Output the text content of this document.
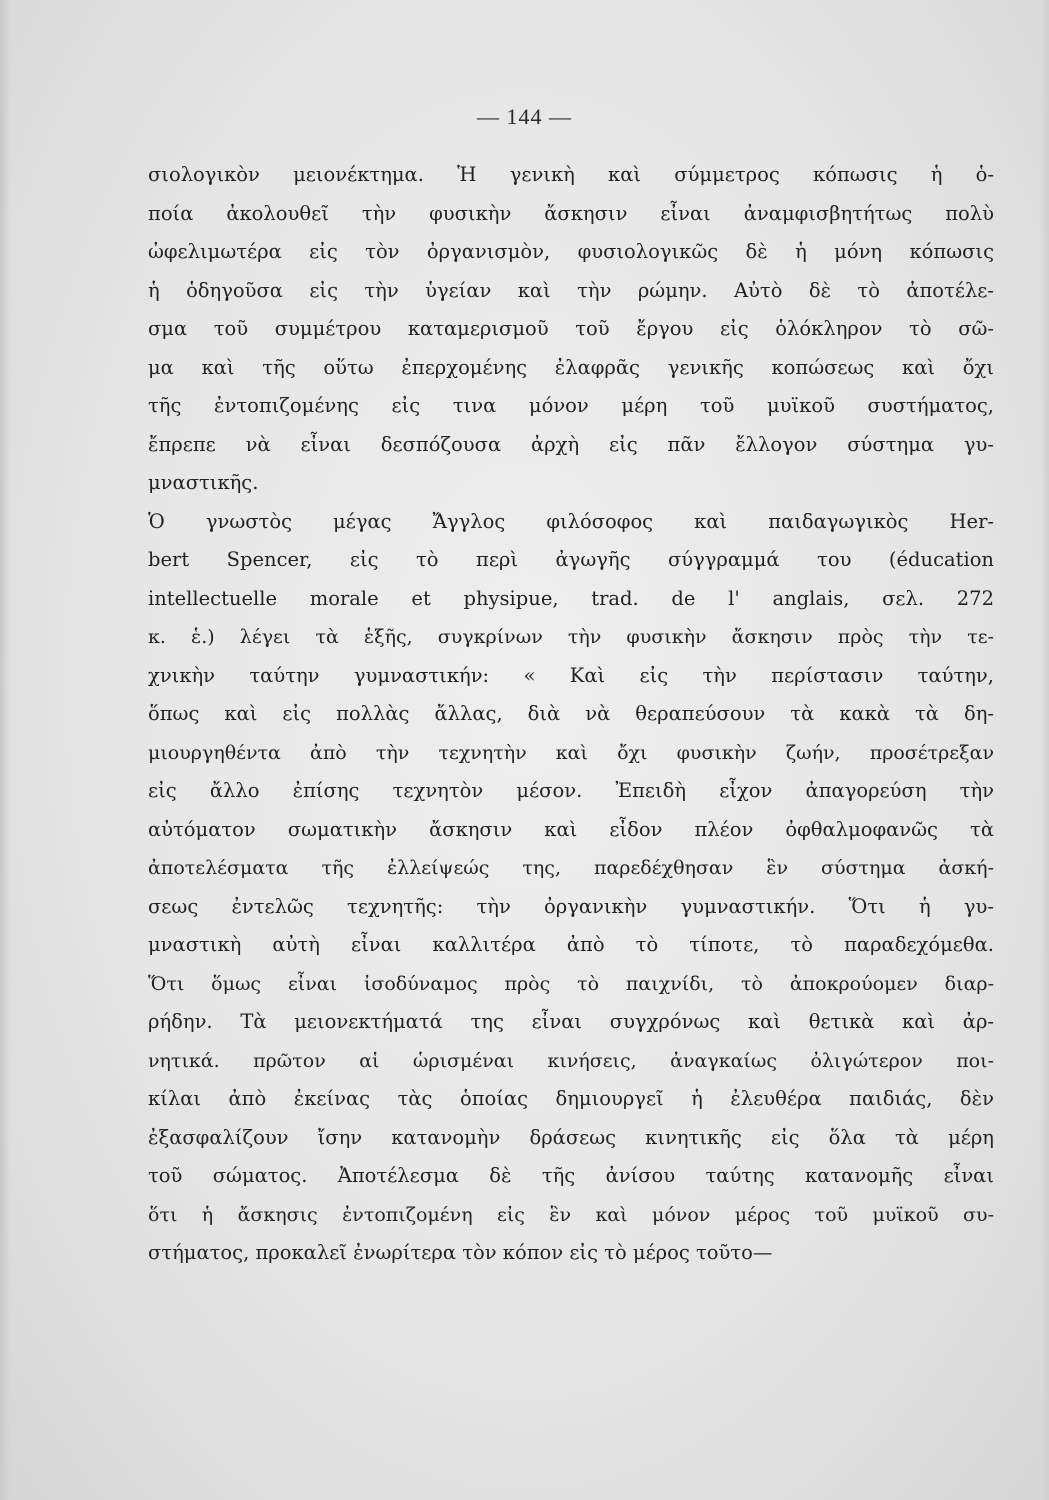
— 144 —
σιολογικὸν μειονέκτημα. Ἡ γενικὴ καὶ σύμμετρος κόπωσις ἡ ὁ-
ποία ἀκολουθεῖ τὴν φυσικὴν ἄσκησιν εἶναι ἀναμφισβητήτως πολὺ
ὠφελιμωτέρα εἰς τὸν ὀργανισμὸν, φυσιολογικῶς δὲ ἡ μόνη κόπωσις
ἡ ὁδηγοῦσα εἰς τὴν ὑγείαν καὶ τὴν ρώμην. Αὐτὸ δὲ τὸ ἀποτέλε-
σμα τοῦ συμμέτρου καταμερισμοῦ τοῦ ἔργου εἰς ὁλόκληρον τὸ σῶ-
μα καὶ τῆς οὕτω ἐπερχομένης ἐλαφρᾶς γενικῆς κοπώσεως καὶ ὄχι
τῆς ἐντοπιζομένης εἰς τινα μόνον μέρη τοῦ μυϊκοῦ συστήματος,
ἔπρεπε νὰ εἶναι δεσπόζουσα ἀρχὴ εἰς πᾶν ἔλλογον σύστημα γυ-
μναστικῆς.
Ὁ γνωστὸς μέγας Ἄγγλος φιλόσοφος καὶ παιδαγωγικὸς Her-
bert Spencer, εἰς τὸ περὶ ἀγωγῆς σύγγραμμά του (éducation
intellectuelle morale et physipue, trad. de l' anglais, σελ. 272
κ. ἑ.) λέγει τὰ ἑξῆς, συγκρίνων τὴν φυσικὴν ἄσκησιν πρὸς τὴν τε-
χνικὴν ταύτην γυμναστικήν: « Καὶ εἰς τὴν περίστασιν ταύτην,
ὅπως καὶ εἰς πολλὰς ἄλλας, διὰ νὰ θεραπεύσουν τὰ κακὰ τὰ δη-
μιουργηθέντα ἀπὸ τὴν τεχνητὴν καὶ ὄχι φυσικὴν ζωήν, προσέτρεξαν
εἰς ἄλλο ἐπίσης τεχνητὸν μέσον. Ἐπειδὴ εἶχον ἀπαγορεύση τὴν
αὐτόματον σωματικὴν ἄσκησιν καὶ εἶδον πλέον ὀφθαλμοφανῶς τὰ
ἀποτελέσματα τῆς ἐλλείψεώς της, παρεδέχθησαν ἓν σύστημα ἀσκή-
σεως ἐντελῶς τεχνητῆς: τὴν ὀργανικὴν γυμναστικήν. Ὅτι ἡ γυ-
μναστικὴ αὐτὴ εἶναι καλλιτέρα ἀπὸ τὸ τίποτε, τὸ παραδεχόμεθα.
Ὅτι ὅμως εἶναι ἰσοδύναμος πρὸς τὸ παιχνίδι, τὸ ἀποκρούομεν διαρ-
ρήδην. Τὰ μειονεκτήματά της εἶναι συγχρόνως καὶ θετικὰ καὶ ἀρ-
νητικά. πρῶτον αἱ ὡρισμέναι κινήσεις, ἀναγκαίως ὀλιγώτερον ποι-
κίλαι ἀπὸ ἐκείνας τὰς ὁποίας δημιουργεῖ ἡ ἐλευθέρα παιδιάς, δὲν
ἐξασφαλίζουν ἴσην κατανομὴν δράσεως κινητικῆς εἰς ὅλα τὰ μέρη
τοῦ σώματος. Ἀποτέλεσμα δὲ τῆς ἀνίσου ταύτης κατανομῆς εἶναι
ὅτι ἡ ἄσκησις ἐντοπιζομένη εἰς ἓν καὶ μόνον μέρος τοῦ μυϊκοῦ συ-
στήματος, προκαλεῖ ἐνωρίτερα τὸν κόπον εἰς τὸ μέρος τοῦτο—
